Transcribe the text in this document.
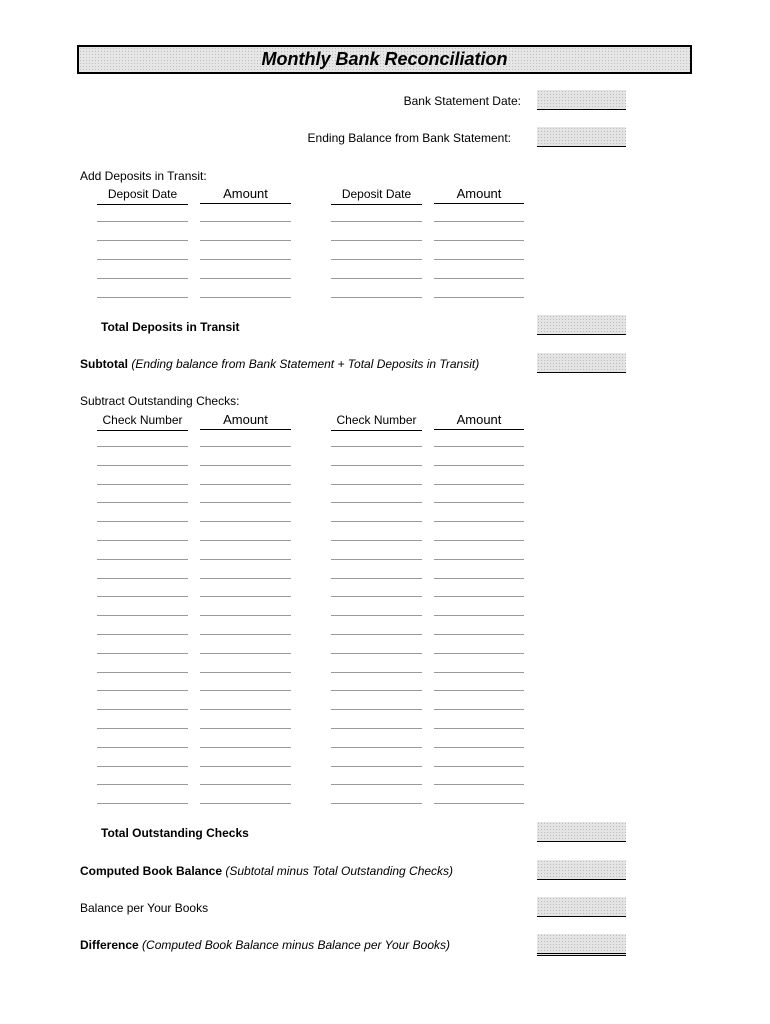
Monthly Bank Reconciliation
Bank Statement Date:
Ending Balance from Bank Statement:
Add Deposits in Transit:
Deposit Date	Amount	Deposit Date	Amount
Total Deposits in Transit
Subtotal (Ending balance from Bank Statement + Total Deposits in Transit)
Subtract Outstanding Checks:
Check Number	Amount	Check Number	Amount
Total Outstanding Checks
Computed Book Balance (Subtotal minus Total Outstanding Checks)
Balance per Your Books
Difference (Computed Book Balance minus Balance per Your Books)
